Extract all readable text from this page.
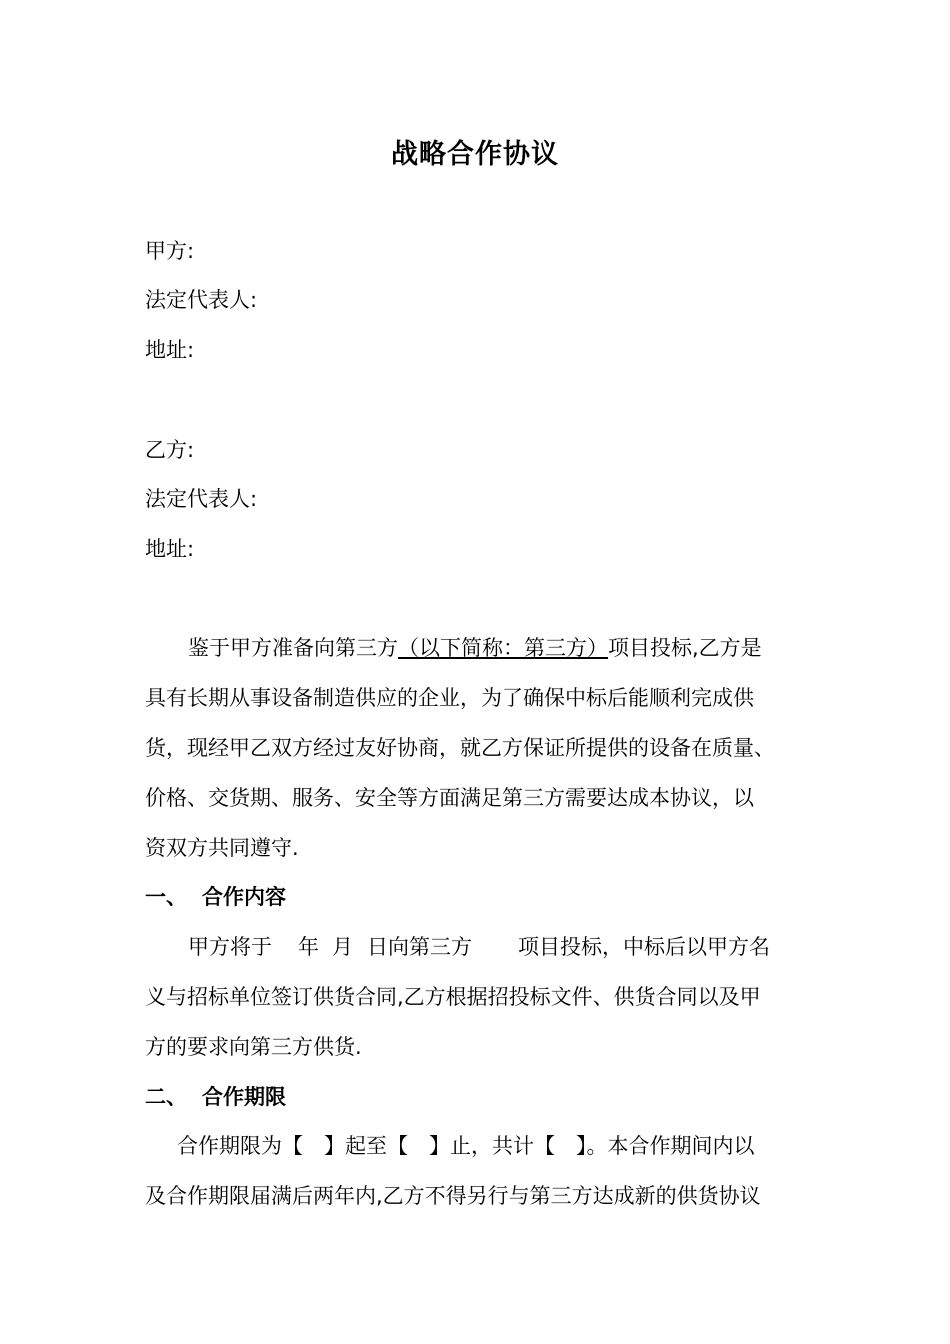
战略合作协议
甲方:
法定代表人:
地址:
乙方:
法定代表人:
地址:
鉴于甲方准备向第三方（以下简称：第三方）项目投标,乙方是
具有长期从事设备制造供应的企业，为了确保中标后能顺利完成供
货，现经甲乙双方经过友好协商，就乙方保证所提供的设备在质量、
价格、交货期、服务、安全等方面满足第三方需要达成本协议，以
资双方共同遵守.
一、 合作内容
甲方将于 年 月 日向第三方 项目投标，中标后以甲方名
义与招标单位签订供货合同,乙方根据招投标文件、供货合同以及甲
方的要求向第三方供货.
二、 合作期限
合作期限为【　】起至【　】止，共计【　】。本合作期间内以
及合作期限届满后两年内,乙方不得另行与第三方达成新的供货协议
